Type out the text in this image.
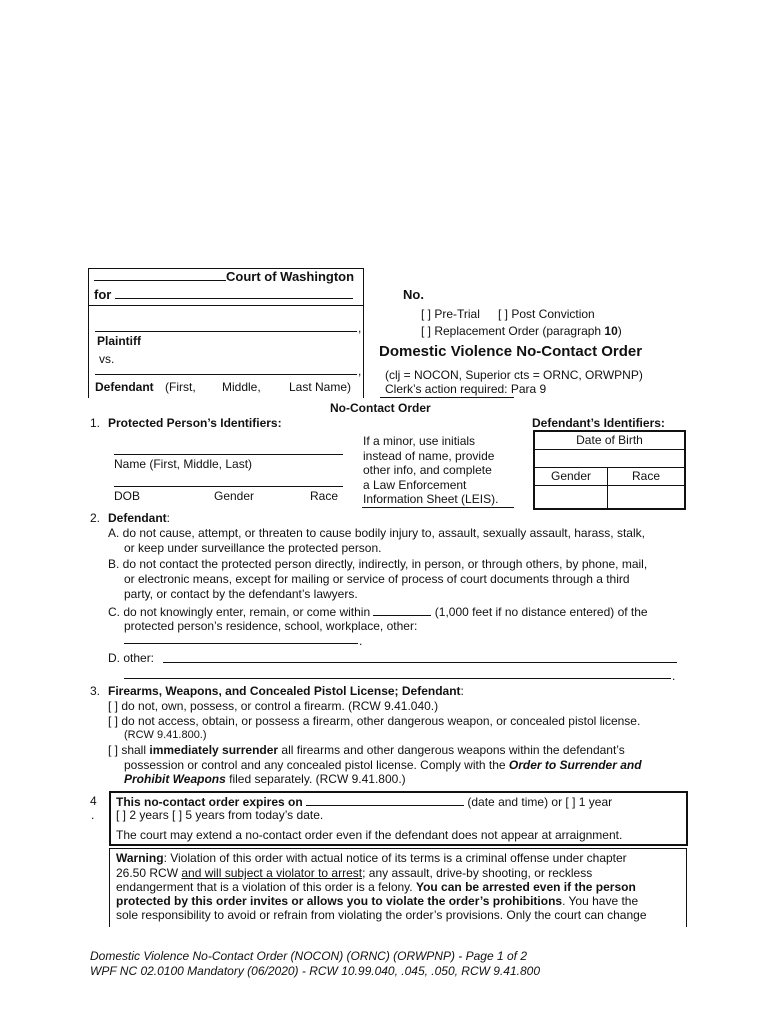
Court of Washington
for
,
Plaintiff
vs.
,
Defendant (First, Middle, Last Name)
No.
[ ] Pre-Trial [ ] Post Conviction
[ ] Replacement Order (paragraph 10)
Domestic Violence No-Contact Order
(clj = NOCON, Superior cts = ORNC, ORWPNP)
Clerk’s action required: Para 9
No-Contact Order
1. Protected Person’s Identifiers:
Name (First, Middle, Last)
DOB	Gender	Race
If a minor, use initials
instead of name, provide
other info, and complete
a Law Enforcement
Information Sheet (LEIS).
Defendant’s Identifiers:
Date of Birth
Gender	Race
2. Defendant:
A. do not cause, attempt, or threaten to cause bodily injury to, assault, sexually assault, harass, stalk,
or keep under surveillance the protected person.
B. do not contact the protected person directly, indirectly, in person, or through others, by phone, mail,
or electronic means, except for mailing or service of process of court documents through a third
party, or contact by the defendant’s lawyers.
C. do not knowingly enter, remain, or come within	(1,000 feet if no distance entered) of the
protected person’s residence, school, workplace, other:
.
D. other:
.
3. Firearms, Weapons, and Concealed Pistol License; Defendant:
[ ] do not, own, possess, or control a firearm. (RCW 9.41.040.)
[ ] do not access, obtain, or possess a firearm, other dangerous weapon, or concealed pistol license.
(RCW 9.41.800.)
[ ] shall immediately surrender all firearms and other dangerous weapons within the defendant’s
possession or control and any concealed pistol license. Comply with the Order to Surrender and
Prohibit Weapons filed separately. (RCW 9.41.800.)
4
.
This no-contact order expires on	(date and time) or [ ] 1 year
[ ] 2 years [ ] 5 years from today’s date.
The court may extend a no-contact order even if the defendant does not appear at arraignment.
Warning: Violation of this order with actual notice of its terms is a criminal offense under chapter
26.50 RCW and will subject a violator to arrest; any assault, drive-by shooting, or reckless
endangerment that is a violation of this order is a felony. You can be arrested even if the person
protected by this order invites or allows you to violate the order’s prohibitions. You have the
sole responsibility to avoid or refrain from violating the order’s provisions. Only the court can change
Domestic Violence No-Contact Order (NOCON) (ORNC) (ORWPNP) - Page 1 of 2
WPF NC 02.0100 Mandatory (06/2020) - RCW 10.99.040, .045, .050, RCW 9.41.800
